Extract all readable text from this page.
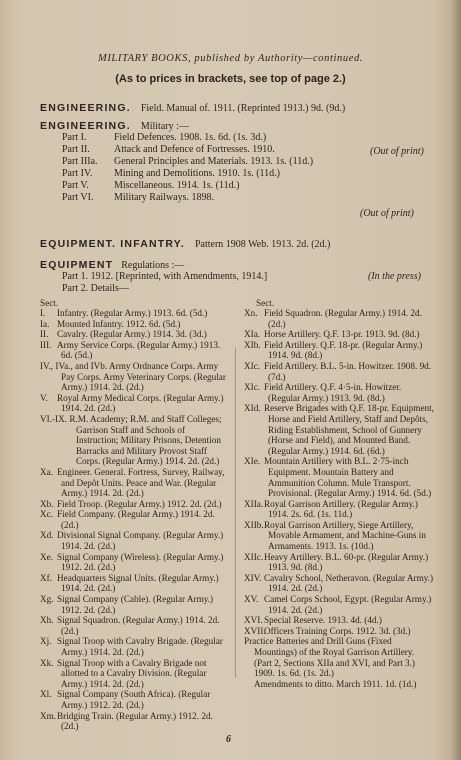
MILITARY BOOKS, published by Authority—continued.
(As to prices in brackets, see top of page 2.)
ENGINEERING. Field. Manual of. 1911. (Reprinted 1913.) 9d. (9d.)
ENGINEERING. Military :—
Part I.	Field Defences. 1908. 1s. 6d. (1s. 3d.)
Part II. Attack and Defence of Fortresses. 1910.
Part IIIa. General Principles and Materials. 1913. 1s. (11d.)
Part IV. Mining and Demolitions. 1910. 1s. (11d.)
Part V.	Miscellaneous. 1914. 1s. (11d.)
Part VI. Military Railways. 1898.
(Out of print)
(Out of print)
EQUIPMENT. INFANTRY. Pattern 1908 Web. 1913. 2d. (2d.)
EQUIPMENT Regulations :—
Part 1. 1912. [Reprinted, with Amendments, 1914.]	(In the press)
Part 2. Details—
Sect.	Sect.
I.	Infantry. (Regular Army.) 1913. 6d. (5d.)
Ia. Mounted Infantry. 1912. 6d. (5d.)
II. Cavalry. (Regular Army.) 1914. 3d. (3d.)
III. Army Service Corps. (Regular Army.) 1913. 6d. (5d.)
IV., IVa., and IVb. Army Ordnance Corps. Army Pay Corps. Army Veterinary Corps. (Regular Army.) 1914. 2d. (2d.)
V.	Royal Army Medical Corps. (Regular Army.) 1914. 2d. (2d.)
VI.-IX. R.M. Academy; R.M. and Staff Colleges; Garrison Staff and Schools of Instruction; Military Prisons, Detention Barracks and Military Provost Staff Corps. (Regular Army.) 1914. 2d. (2d.)
Xa. Engineer. General. Fortress, Survey, Railway, and Depôt Units. Peace and War. (Regular Army.) 1914. 2d. (2d.)
Xb. Field Troop. (Regular Army.) 1912. 2d. (2d.)
Xc. Field Company. (Regular Army.) 1914. 2d. (2d.)
Xd. Divisional Signal Company. (Regular Army.) 1914. 2d. (2d.)
Xe. Signal Company (Wireless). (Regular Army.) 1912. 2d. (2d.)
Xf. Headquarters Signal Units. (Regular Army.) 1914. 2d. (2d.)
Xg. Signal Company (Cable). (Regular Army.) 1912. 2d. (2d.)
Xh. Signal Squadron. (Regular Army.) 1914. 2d. (2d.)
Xj. Signal Troop with Cavalry Brigade. (Regular Army.) 1914. 2d. (2d.)
Xk. Signal Troop with a Cavalry Brigade not allotted to a Cavalry Division. (Regular Army.) 1914. 2d. (2d.)
Xl. Signal Company (South Africa). (Regular Army.) 1912. 2d. (2d.)
Xm. Bridging Train. (Regular Army.) 1912. 2d. (2d.)
Xn. Field Squadron. (Regular Army.) 1914. 2d. (2d.)
XIa. Horse Artillery. Q.F. 13-pr. 1913. 9d. (8d.)
XIb. Field Artillery. Q.F. 18-pr. (Regular Army.) 1914. 9d. (8d.)
XIc. Field Artillery. B.L. 5-in. Howitzer. 1908. 9d. (7d.)
XIc. Field Artillery. Q.F. 4·5-in. Howitzer. (Regular Army.) 1913. 9d. (8d.)
XId. Reserve Brigades with Q.F. 18-pr. Equipment, Horse and Field Artillery, Staff and Depôts, Riding Establishment, School of Gunnery (Horse and Field), and Mounted Band. (Regular Army.) 1914. 6d. (6d.)
XIe. Mountain Artillery with B.L. 2·75-inch Equipment. Mountain Battery and Ammunition Column. Mule Transport. Provisional. (Regular Army.) 1914. 6d. (5d.)
XIIa. Royal Garrison Artillery. (Regular Army.) 1914. 2s. 6d. (1s. 11d.)
XIIb. Royal Garrison Artillery, Siege Artillery, Movable Armament, and Machine-Guns in Armaments. 1913. 1s. (10d.)
XIIc. Heavy Artillery. B.L. 60-pr. (Regular Army.) 1913. 9d. (8d.)
XIV. Cavalry School, Netheravon. (Regular Army.) 1914. 2d. (2d.)
XV. Camel Corps School, Egypt. (Regular Army.) 1914. 2d. (2d.)
XVI. Special Reserve. 1913. 4d. (4d.)
XVII.
Officers Training Corps. 1912. 3d. (3d.)
Practice Batteries and Drill Guns (Fixed Mountings) of the Royal Garrison Artillery. (Part 2, Sections XIIa and XVI, and Part 3.) 1909. 1s. 6d. (1s. 2d.)
Amendments to ditto. March 1911. 1d. (1d.)
6
